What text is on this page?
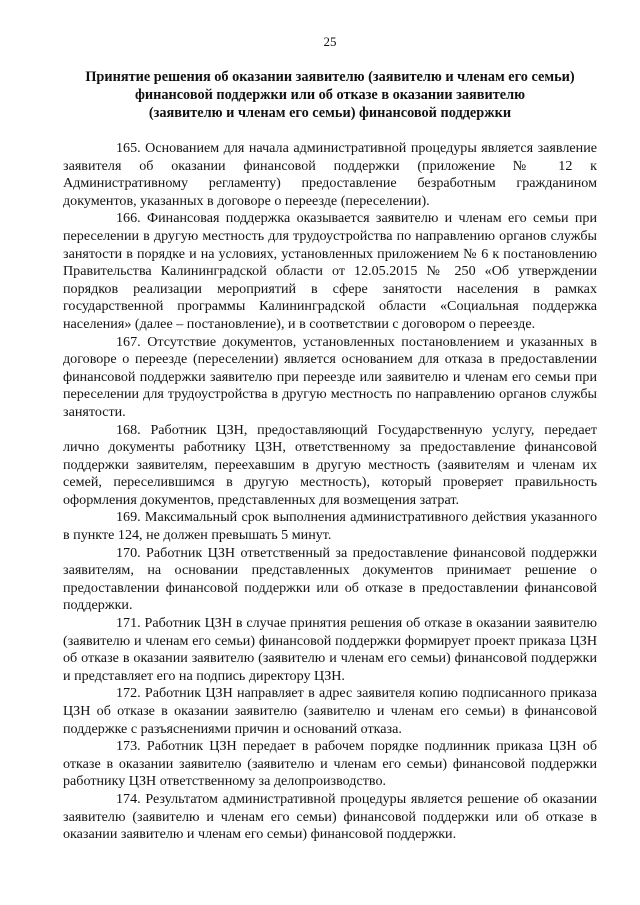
25
Принятие решения об оказании заявителю (заявителю и членам его семьи)
финансовой поддержки или об отказе в оказании заявителю
(заявителю и членам его семьи) финансовой поддержки

165. Основанием для начала административной процедуры является заявление заявителя об оказании финансовой поддержки (приложение № 12 к Административному регламенту) предоставление безработным гражданином документов, указанных в договоре о переезде (переселении).

166. Финансовая поддержка оказывается заявителю и членам его семьи при переселении в другую местность для трудоустройства по направлению органов службы занятости в порядке и на условиях, установленных приложением № 6 к постановлению Правительства Калининградской области от 12.05.2015 № 250 «Об утверждении порядков реализации мероприятий в сфере занятости населения в рамках государственной программы Калининградской области «Социальная поддержка населения» (далее – постановление), и в соответствии с договором о переезде.

167. Отсутствие документов, установленных постановлением и указанных в договоре о переезде (переселении) является основанием для отказа в предоставлении финансовой поддержки заявителю при переезде или заявителю и членам его семьи при переселении для трудоустройства в другую местность по направлению органов службы занятости.

168. Работник ЦЗН, предоставляющий Государственную услугу, передает лично документы работнику ЦЗН, ответственному за предоставление финансовой поддержки заявителям, переехавшим в другую местность (заявителям и членам их семей, переселившимся в другую местность), который проверяет правильность оформления документов, представленных для возмещения затрат.

169. Максимальный срок выполнения административного действия указанного в пункте 124, не должен превышать 5 минут.

170. Работник ЦЗН ответственный за предоставление финансовой поддержки заявителям, на основании представленных документов принимает решение о предоставлении финансовой поддержки или об отказе в предоставлении финансовой поддержки.

171. Работник ЦЗН в случае принятия решения об отказе в оказании заявителю (заявителю и членам его семьи) финансовой поддержки формирует проект приказа ЦЗН об отказе в оказании заявителю (заявителю и членам его семьи) финансовой поддержки и представляет его на подпись директору ЦЗН.

172. Работник ЦЗН направляет в адрес заявителя копию подписанного приказа ЦЗН об отказе в оказании заявителю (заявителю и членам его семьи) в финансовой поддержке с разъяснениями причин и оснований отказа.

173. Работник ЦЗН передает в рабочем порядке подлинник приказа ЦЗН об отказе в оказании заявителю (заявителю и членам его семьи) финансовой поддержки работнику ЦЗН ответственному за делопроизводство.

174. Результатом административной процедуры является решение об оказании заявителю (заявителю и членам его семьи) финансовой поддержки или об отказе в оказании заявителю и членам его семьи) финансовой поддержки.
